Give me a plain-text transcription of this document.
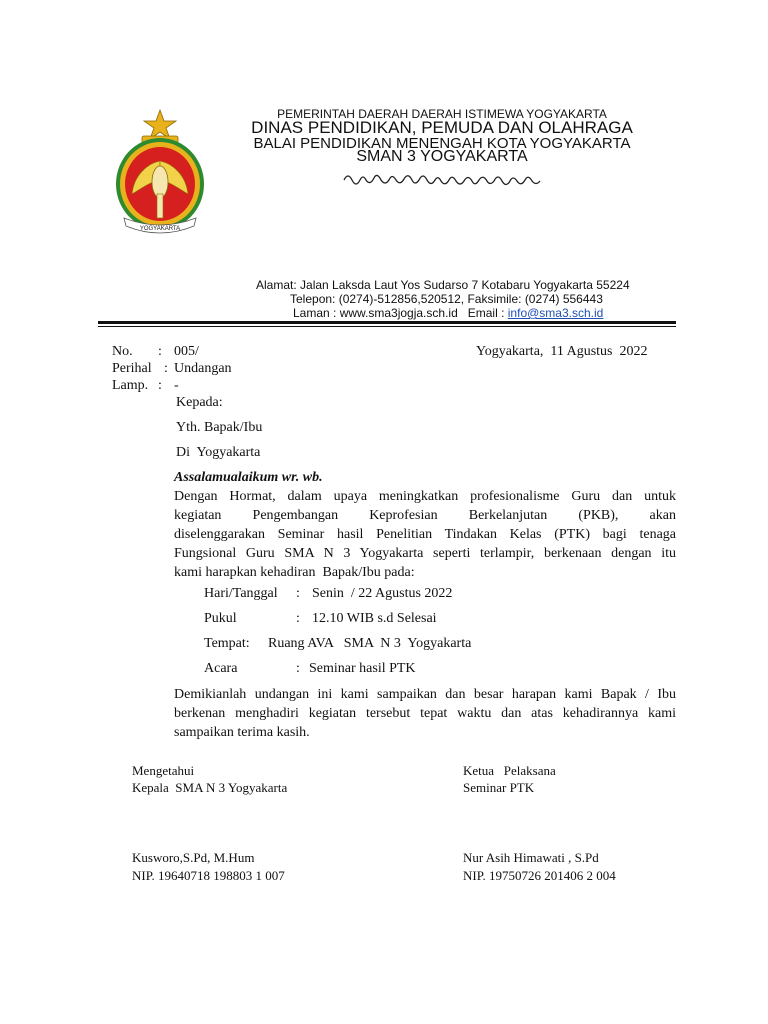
YOGYAKARTA
PEMERINTAH DAERAH DAERAH ISTIMEWA YOGYAKARTA
DINAS PENDIDIKAN, PEMUDA DAN OLAHRAGA
BALAI PENDIDIKAN MENENGAH KOTA YOGYAKARTA
SMAN 3 YOGYAKARTA
Alamat: Jalan Laksda Laut Yos Sudarso 7 Kotabaru Yogyakarta 55224
Telepon: (0274)-512856,520512, Faksimile: (0274) 556443
Laman : www.sma3jogja.sch.id   Email : info@sma3.sch.id
No. : 005/
Perihal : Undangan
Lamp. : -
Yogyakarta,  11 Agustus  2022
Kepada:
Yth. Bapak/Ibu
Di  Yogyakarta
Assalamualaikum wr. wb.
Dengan Hormat, dalam upaya meningkatkan profesionalisme Guru dan untuk
kegiatan Pengembangan Keprofesian Berkelanjutan (PKB), akan
diselenggarakan Seminar hasil Penelitian Tindakan Kelas (PTK) bagi tenaga
Fungsional Guru SMA N 3 Yogyakarta seperti terlampir, berkenaan dengan itu
kami harapkan kehadiran  Bapak/Ibu pada:
Hari/Tanggal : Senin  / 22 Agustus 2022
Pukul	: 12.10 WIB s.d Selesai
Tempat: Ruang AVA   SMA  N 3  Yogyakarta
Acara	: Seminar hasil PTK
Demikianlah undangan ini kami sampaikan dan besar harapan kami Bapak / Ibu
berkenan menghadiri kegiatan tersebut tepat waktu dan atas kehadirannya kami
sampaikan terima kasih.
Mengetahui
Kepala  SMA N 3 Yogyakarta
Kusworo,S.Pd, M.Hum
NIP. 19640718 198803 1 007
Ketua   Pelaksana
Seminar PTK
Nur Asih Himawati , S.Pd
NIP. 19750726 201406 2 004
